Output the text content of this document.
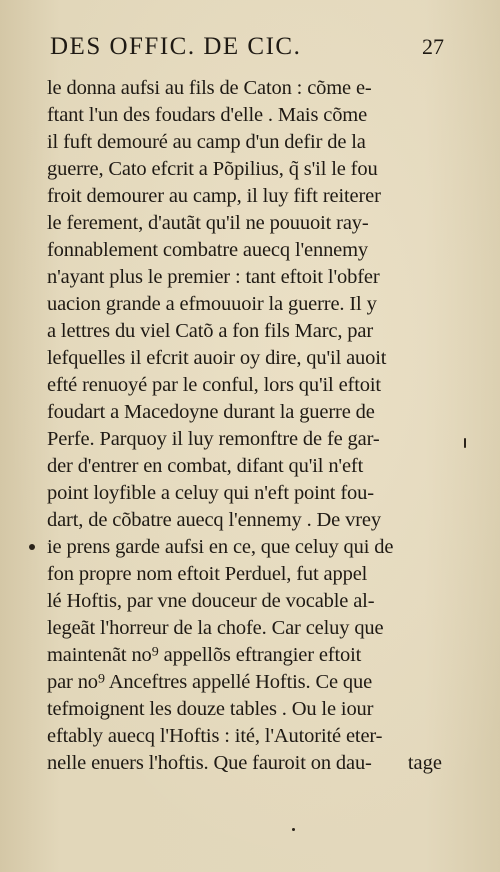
DES OFFIC. DE CIC.	27
le donna aufsi au fils de Caton : cõme e-
ftant l'un des foudars d'elle . Mais cõme
il fuft demouré au camp d'un defir de la
guerre, Cato efcrit a Põpilius, q̃ s'il le fou
froit demourer au camp, il luy fift reiterer
le ferement, d'autãt qu'il ne pouuoit ray-
fonnablement combatre auecq l'ennemy
n'ayant plus le premier : tant eftoit l'obfer
uacion grande a efmouuoir la guerre. Il y
a lettres du viel Catõ a fon fils Marc, par
lefquelles il efcrit auoir oy dire, qu'il auoit
efté renuoyé par le conful, lors qu'il eftoit
foudart a Macedoyne durant la guerre de
Perfe. Parquoy il luy remonftre de fe gar-
der d'entrer en combat, difant qu'il n'eft
point loyfible a celuy qui n'eft point fou-
dart, de cõbatre auecq l'ennemy . De vrey
ie prens garde aufsi en ce, que celuy qui de
fon propre nom eftoit Perduel, fut appel
lé Hoftis, par vne douceur de vocable al-
legeãt l'horreur de la chofe. Car celuy que
maintenãt no⁹ appellõs eftrangier eftoit
par no⁹ Anceftres appellé Hoftis. Ce que
tefmoignent les douze tables . Ou le iour
eftably auecq l'Hoftis : ité, l'Autorité eter-
nelle enuers l'hoftis. Que fauroit on dau-	tage
